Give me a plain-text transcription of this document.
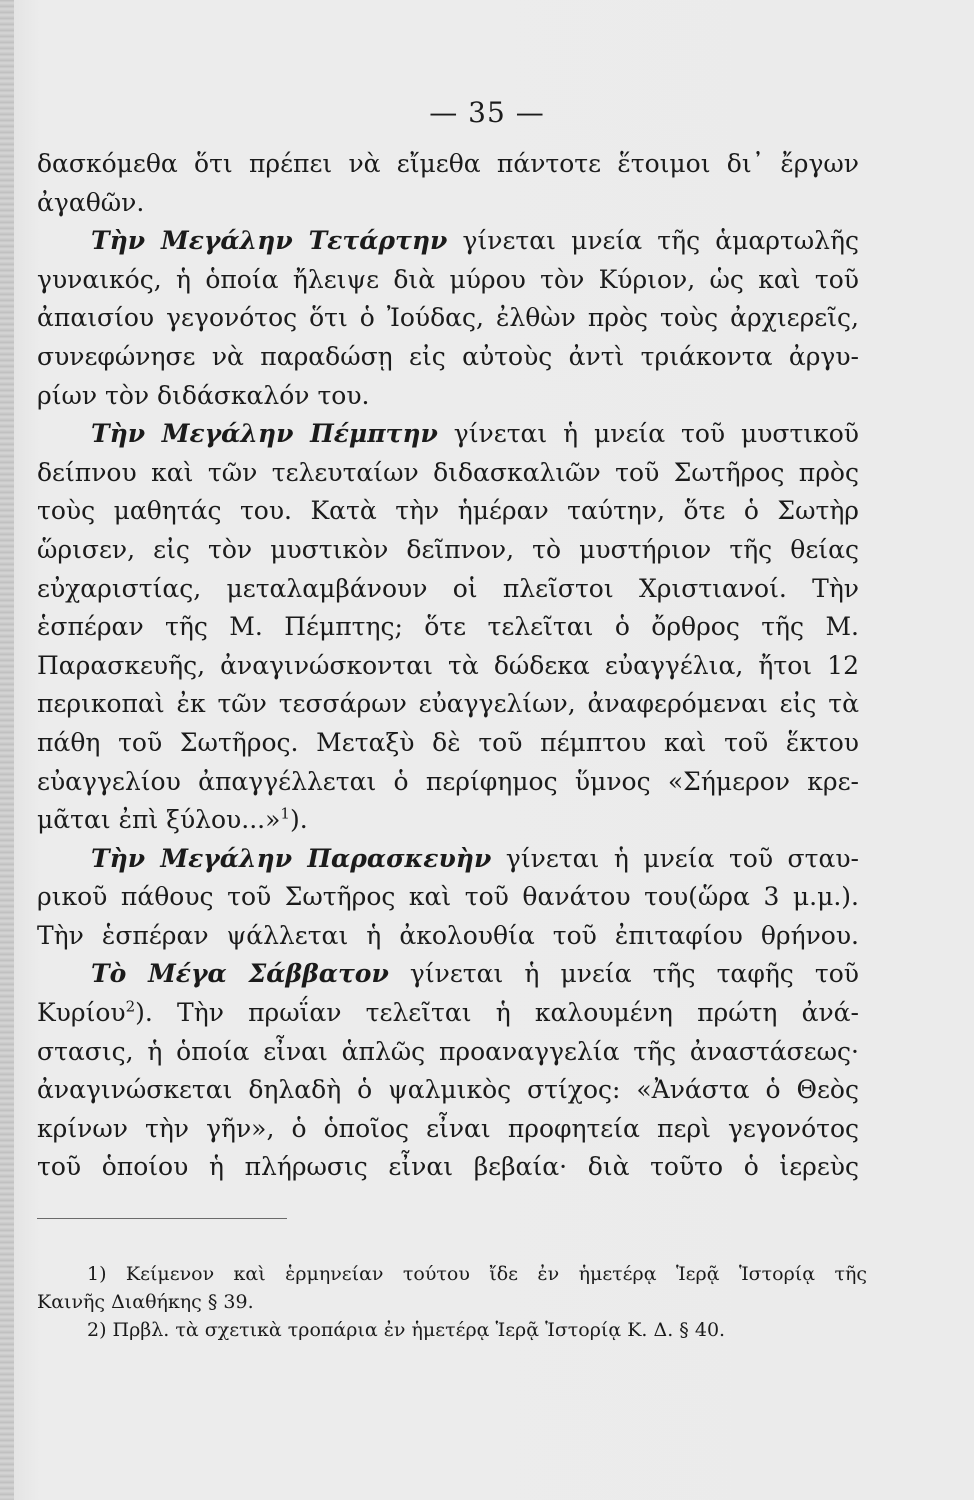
— 35 —
δασκόμεθα ὅτι πρέπει νὰ εἴμεθα πάντοτε ἕτοιμοι δι᾽ ἔργων
ἀγαθῶν.
Τὴν Μεγάλην Τετάρτην γίνεται μνεία τῆς ἁμαρτωλῆς
γυναικός, ἡ ὁποία ἤλειψε διὰ μύρου τὸν Κύριον, ὡς καὶ τοῦ
ἀπαισίου γεγονότος ὅτι ὁ Ἰούδας, ἐλθὼν πρὸς τοὺς ἀρχιερεῖς,
συνεφώνησε νὰ παραδώσῃ εἰς αὐτοὺς ἀντὶ τριάκοντα ἀργυ-
ρίων τὸν διδάσκαλόν του.
Τὴν Μεγάλην Πέμπτην γίνεται ἡ μνεία τοῦ μυστικοῦ
δείπνου καὶ τῶν τελευταίων διδασκαλιῶν τοῦ Σωτῆρος πρὸς
τοὺς μαθητάς του. Κατὰ τὴν ἡμέραν ταύτην, ὅτε ὁ Σωτὴρ
ὥρισεν, εἰς τὸν μυστικὸν δεῖπνον, τὸ μυστήριον τῆς θείας
εὐχαριστίας, μεταλαμβάνουν οἱ πλεῖστοι Χριστιανοί. Τὴν
ἑσπέραν τῆς Μ. Πέμπτης; ὅτε τελεῖται ὁ ὄρθρος τῆς Μ.
Παρασκευῆς, ἀναγινώσκονται τὰ δώδεκα εὐαγγέλια, ἤτοι 12
περικοπαὶ ἐκ τῶν τεσσάρων εὐαγγελίων, ἀναφερόμεναι εἰς τὰ
πάθη τοῦ Σωτῆρος. Μεταξὺ δὲ τοῦ πέμπτου καὶ τοῦ ἕκτου
εὐαγγελίου ἀπαγγέλλεται ὁ περίφημος ὕμνος «Σήμερον κρε-
μᾶται ἐπὶ ξύλου...»$^1$).
Τὴν Μεγάλην Παρασκευὴν γίνεται ἡ μνεία τοῦ σταυ-
ρικοῦ πάθους τοῦ Σωτῆρος καὶ τοῦ θανάτου του(ὥρα 3 μ.μ.).
Τὴν ἑσπέραν ψάλλεται ἡ ἀκολουθία τοῦ ἐπιταφίου θρήνου.
Τὸ Μέγα Σάββατον γίνεται ἡ μνεία τῆς ταφῆς τοῦ
Κυρίου$^2$). Τὴν πρωΐαν τελεῖται ἡ καλουμένη πρώτη ἀνά-
στασις, ἡ ὁποία εἶναι ἁπλῶς προαναγγελία τῆς ἀναστάσεως·
ἀναγινώσκεται δηλαδὴ ὁ ψαλμικὸς στίχος: «Ἀνάστα ὁ Θεὸς
κρίνων τὴν γῆν», ὁ ὁποῖος εἶναι προφητεία περὶ γεγονότος
τοῦ ὁποίου ἡ πλήρωσις εἶναι βεβαία· διὰ τοῦτο ὁ ἱερεὺς
1) Κείμενον καὶ ἑρμηνείαν τούτου ἴδε ἐν ἡμετέρᾳ Ἱερᾷ Ἱστορίᾳ τῆς
Καινῆς Διαθήκης § 39.
2) Πρβλ. τὰ σχετικὰ τροπάρια ἐν ἡμετέρᾳ Ἱερᾷ Ἱστορίᾳ Κ. Δ. § 40.
